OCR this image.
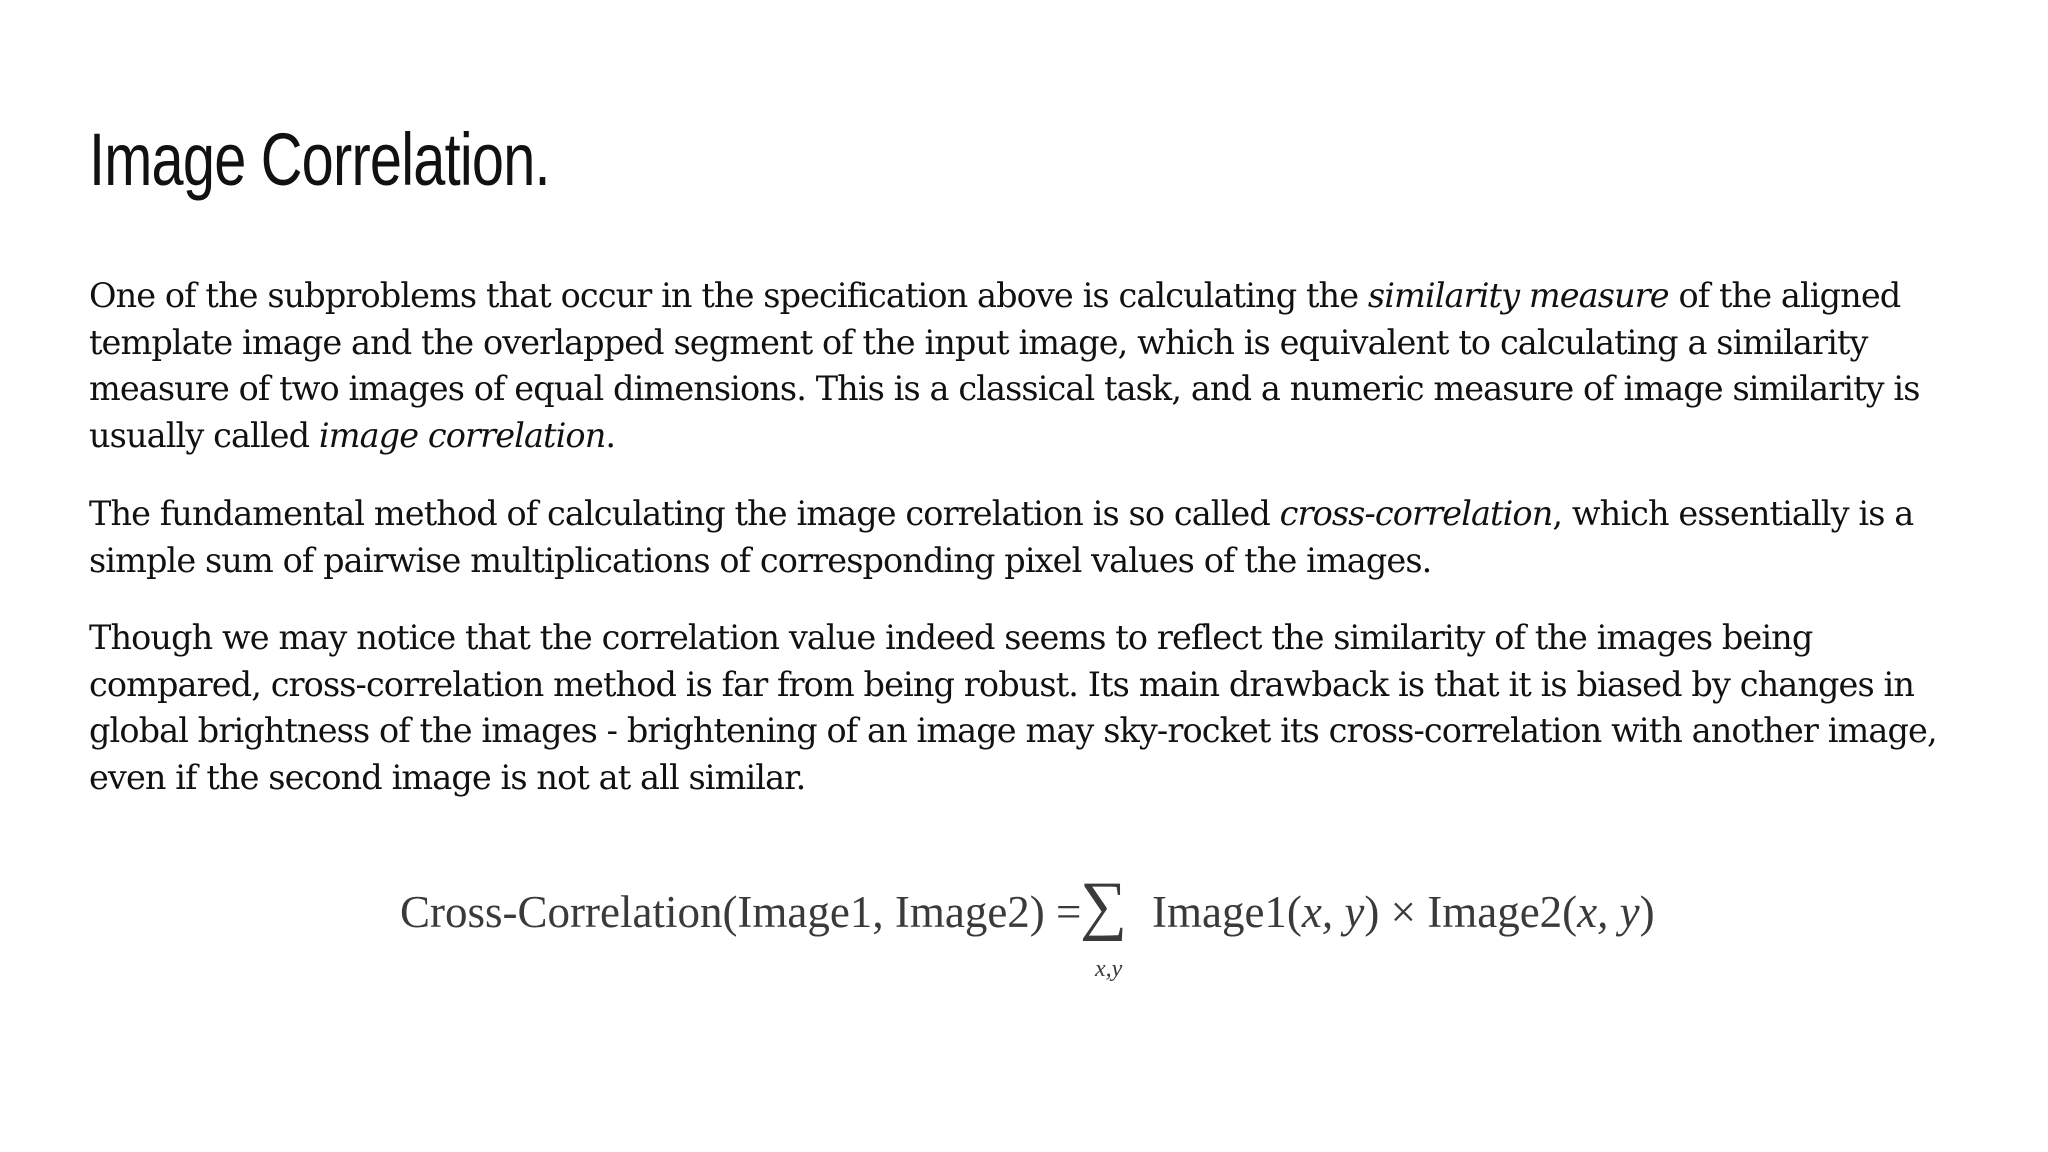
Image Correlation.

One of the subproblems that occur in the specification above is calculating the similarity measure of the aligned template image and the overlapped segment of the input image, which is equivalent to calculating a similarity measure of two images of equal dimensions. This is a classical task, and a numeric measure of image similarity is usually called image correlation.

The fundamental method of calculating the image correlation is so called cross-correlation, which essentially is a simple sum of pairwise multiplications of corresponding pixel values of the images.

Though we may notice that the correlation value indeed seems to reflect the similarity of the images being compared, cross-correlation method is far from being robust. Its main drawback is that it is biased by changes in global brightness of the images - brightening of an image may sky-rocket its cross-correlation with another image, even if the second image is not at all similar.

Cross-Correlation(Image1, Image2) =
∑
x,y
Image1(x, y) × Image2(x, y)
